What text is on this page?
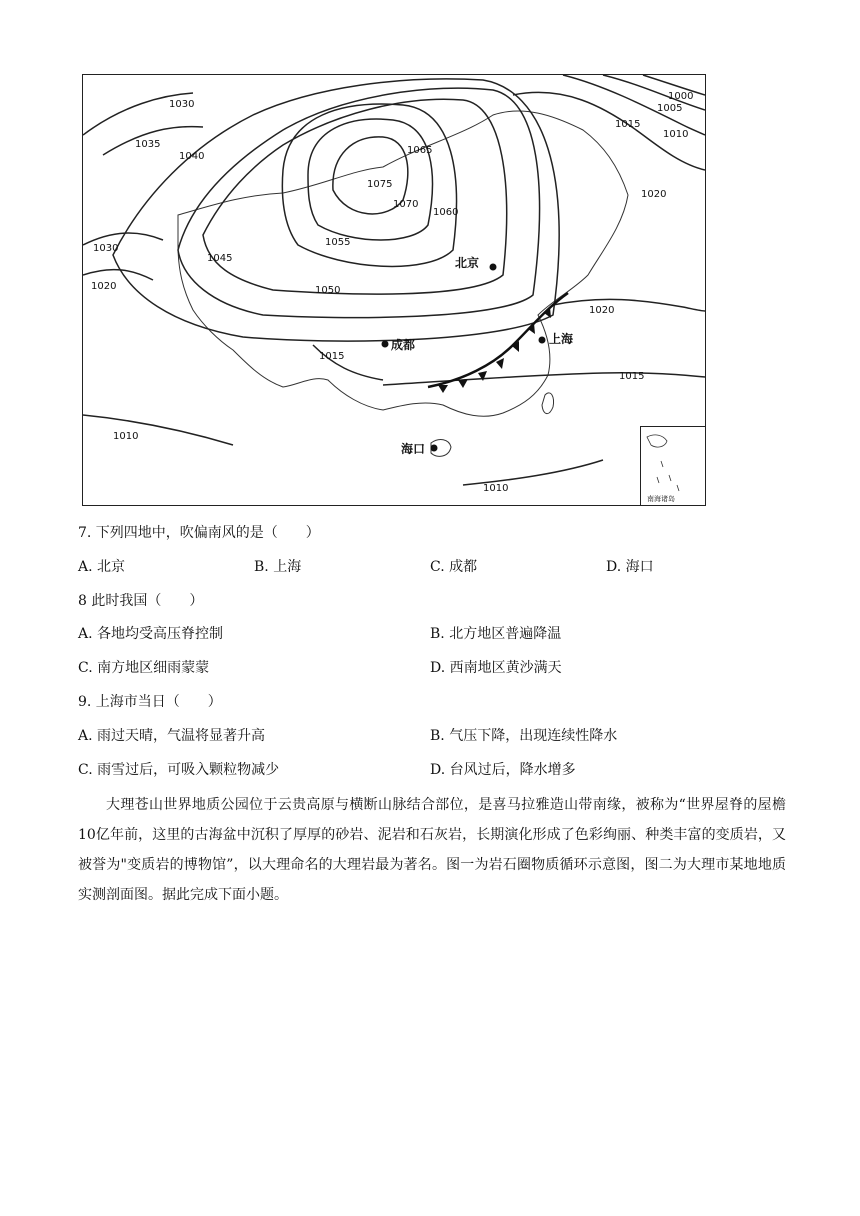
1000
1005
1010
1015
1020
1030
1035
1040
1045
1050
1055
1060
1065
1070
1075
1030
1020
1015
1020
1015
1010
1010
北京
上海
成都
海口
南海诸岛
7. 下列四地中，吹偏南风的是（　　）
A. 北京	B. 上海	C. 成都	D. 海口
8 此时我国（　　）
A. 各地均受高压脊控制	B. 北方地区普遍降温
C. 南方地区细雨蒙蒙	D. 西南地区黄沙满天
9. 上海市当日（　　）
A. 雨过天晴，气温将显著升高	B. 气压下降，出现连续性降水
C. 雨雪过后，可吸入颗粒物减少	D. 台风过后，降水增多
大理苍山世界地质公园位于云贵高原与横断山脉结合部位，是喜马拉雅造山带南缘，被称为“世界屋脊的屋檐10亿年前，这里的古海盆中沉积了厚厚的砂岩、泥岩和石灰岩，长期演化形成了色彩绚丽、种类丰富的变质岩，又被誉为"变质岩的博物馆”，以大理命名的大理岩最为著名。图一为岩石圈物质循环示意图，图二为大理市某地地质实测剖面图。据此完成下面小题。
